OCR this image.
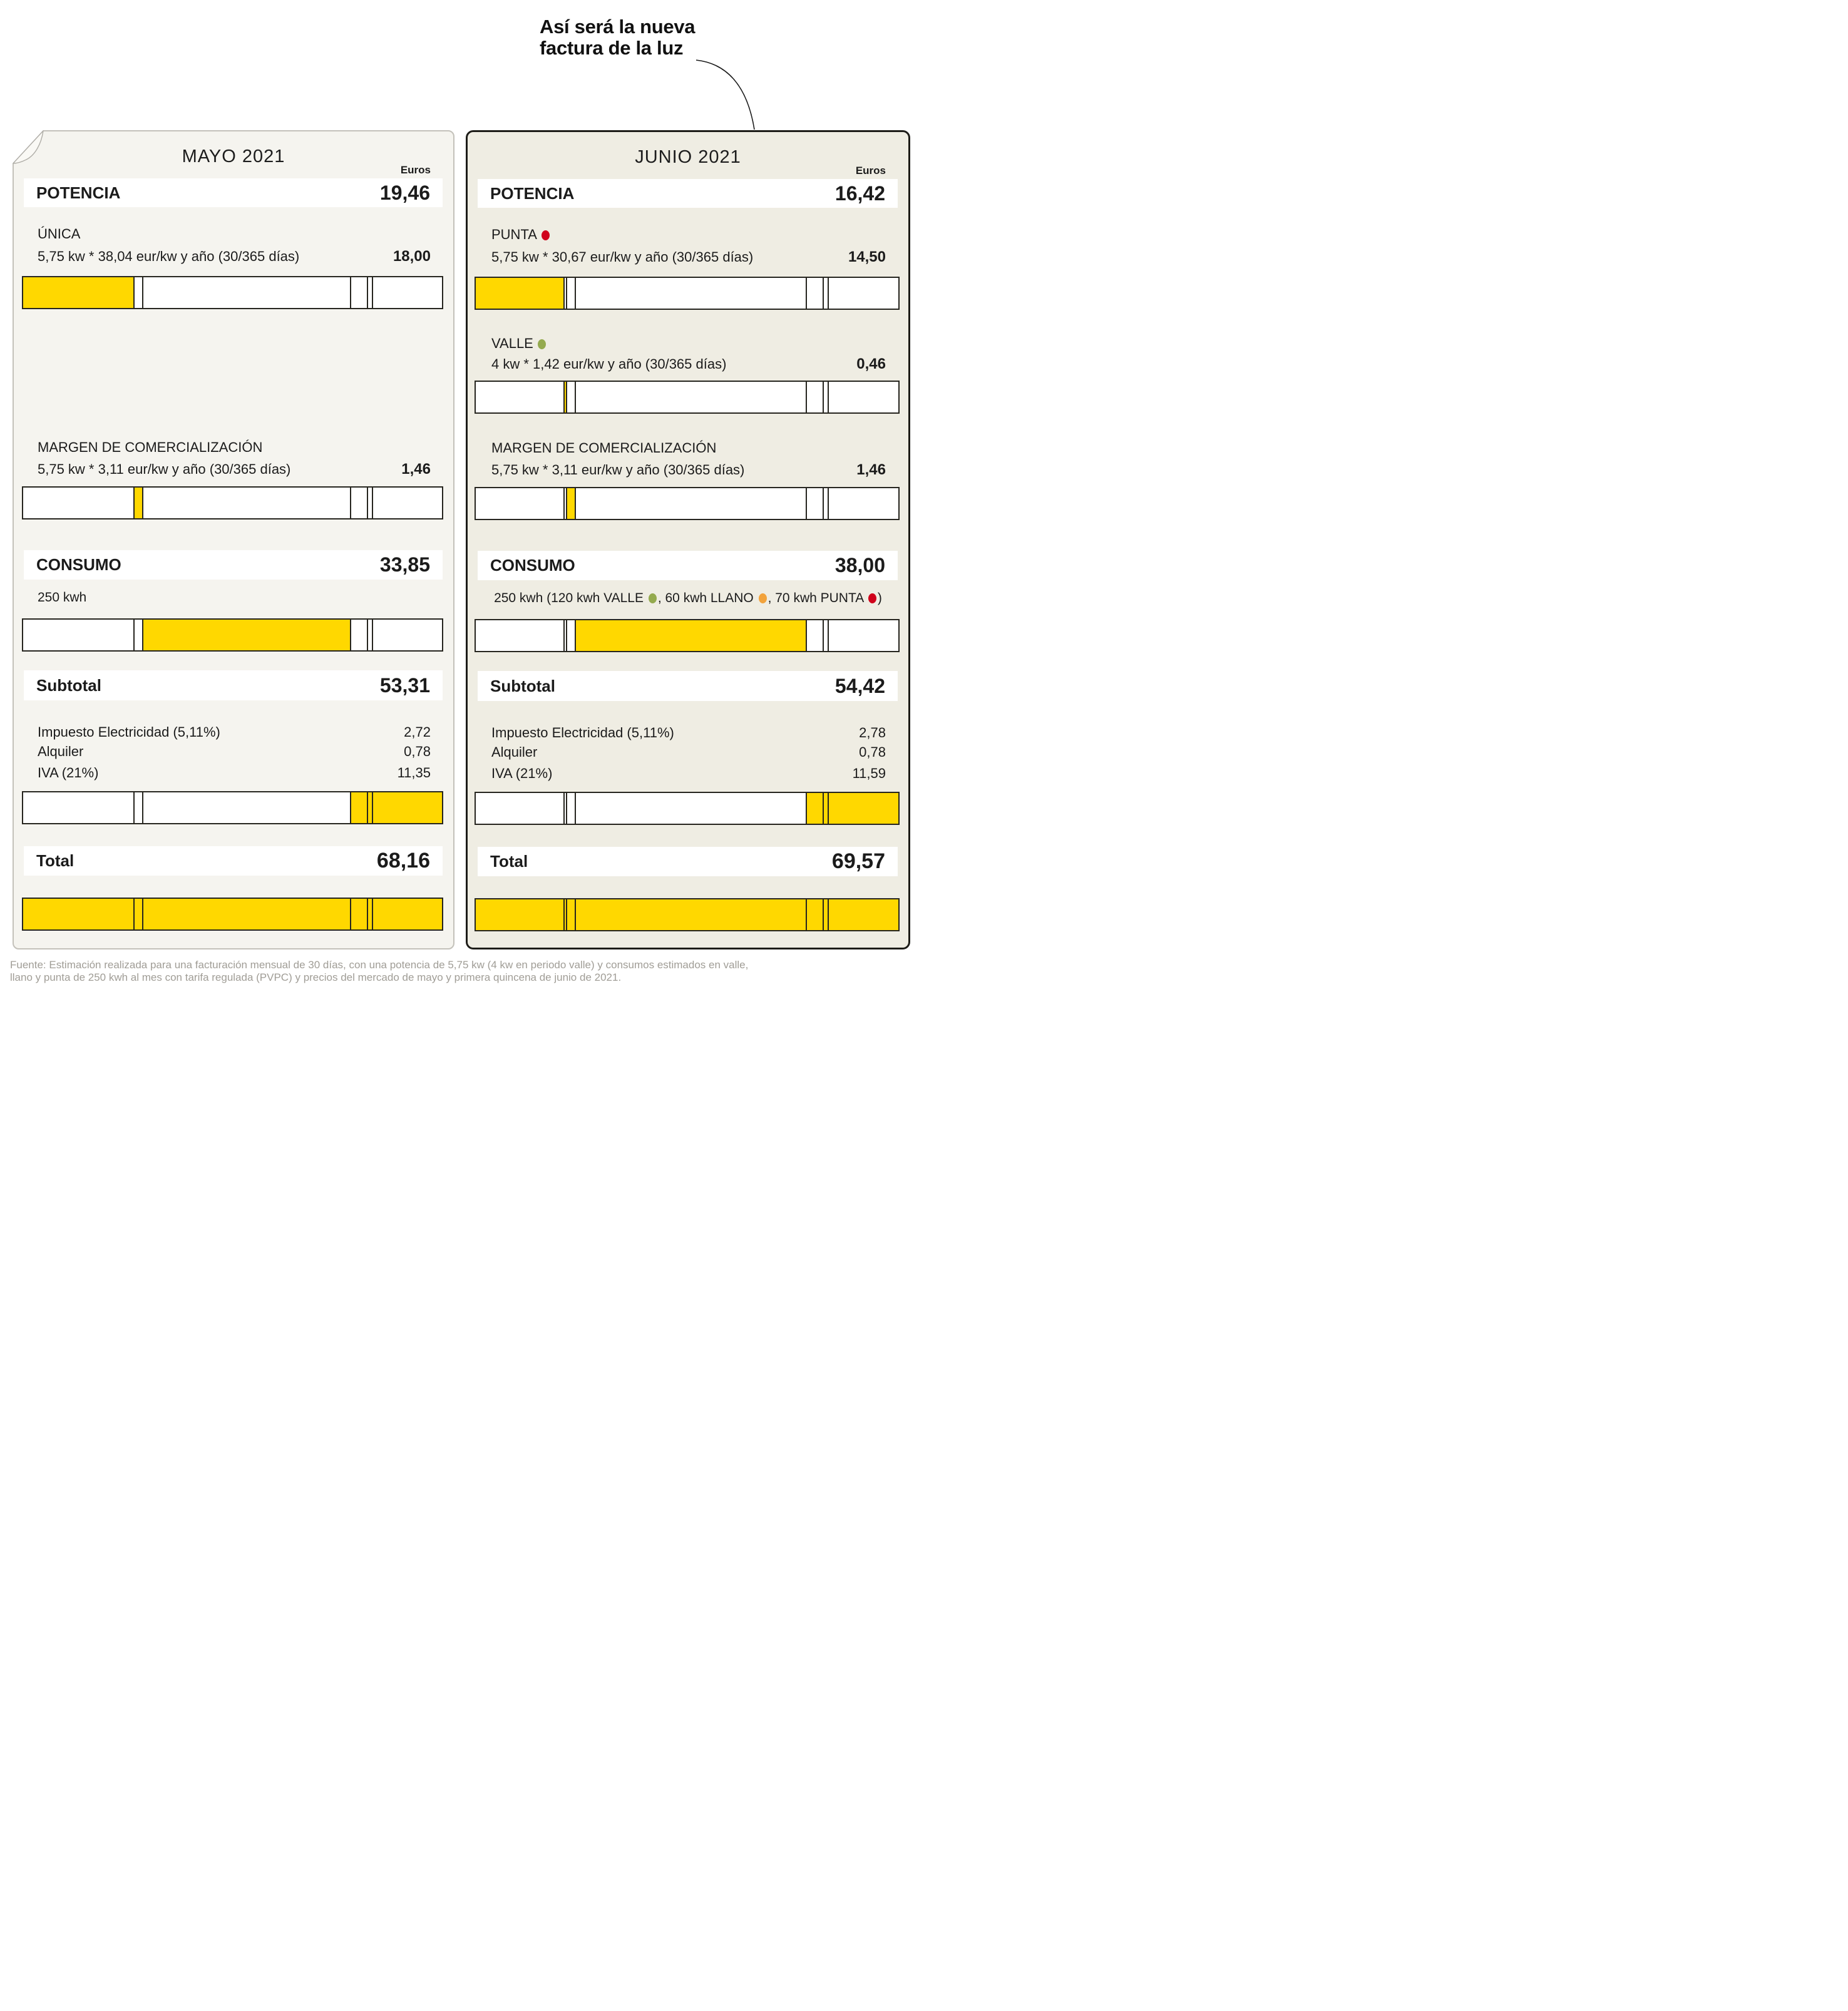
Así será la nueva
factura de la luz
MAYO 2021
Euros
POTENCIA	19,46
ÚNICA
5,75 kw * 38,04 eur/kw y año (30/365 días)	18,00
MARGEN DE COMERCIALIZACIÓN
5,75 kw * 3,11 eur/kw y año (30/365 días)	1,46
CONSUMO	33,85
250 kwh
Subtotal	53,31
Impuesto Electricidad (5,11%)	2,72
Alquiler	0,78
IVA (21%)	11,35
Total	68,16
JUNIO 2021
Euros
POTENCIA	16,42
PUNTA
5,75 kw * 30,67 eur/kw y año (30/365 días)	14,50
VALLE
4 kw * 1,42 eur/kw y año (30/365 días)	0,46
MARGEN DE COMERCIALIZACIÓN
5,75 kw * 3,11 eur/kw y año (30/365 días)	1,46
CONSUMO	38,00
250 kwh (120 kwh VALLE , 60 kwh LLANO , 70 kwh PUNTA )
Subtotal	54,42
Impuesto Electricidad (5,11%)	2,78
Alquiler	0,78
IVA (21%)	11,59
Total	69,57
Fuente: Estimación realizada para una facturación mensual de 30 días, con una potencia de 5,75 kw (4 kw en periodo valle) y consumos estimados en valle,
llano y punta de 250 kwh al mes con tarifa regulada (PVPC) y precios del mercado de mayo y primera quincena de junio de 2021.
